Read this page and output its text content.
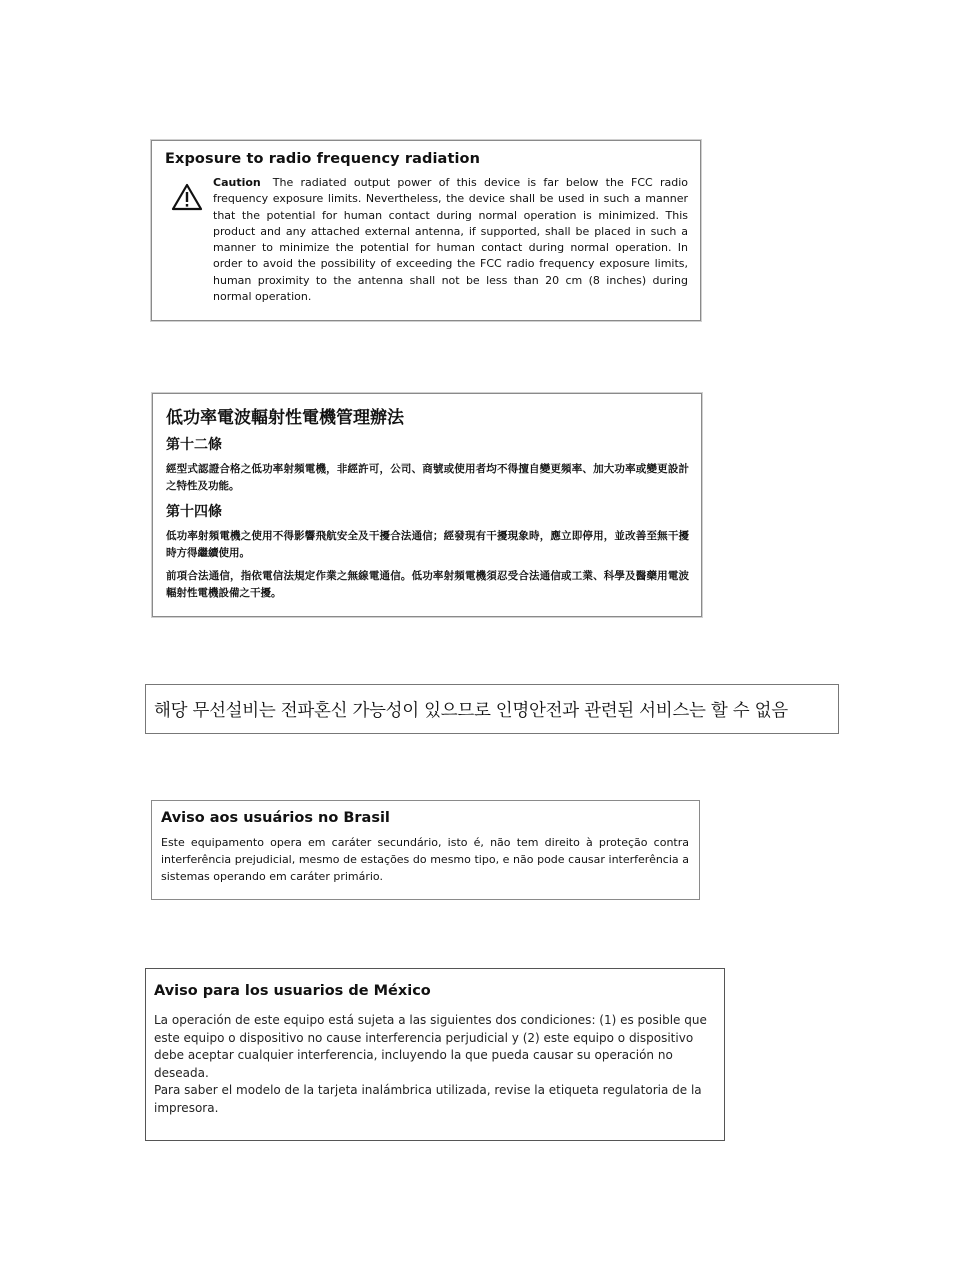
Exposure to radio frequency radiation
Caution The radiated output power of this device is far below the FCC radio frequency exposure limits. Nevertheless, the device shall be used in such a manner that the potential for human contact during normal operation is minimized. This product and any attached external antenna, if supported, shall be placed in such a manner to minimize the potential for human contact during normal operation. In order to avoid the possibility of exceeding the FCC radio frequency exposure limits, human proximity to the antenna shall not be less than 20 cm (8 inches) during normal operation.
低功率電波輻射性電機管理辦法
第十二條
經型式認證合格之低功率射頻電機，非經許可，公司、商號或使用者均不得擅自變更頻率、加大功率或變更設計之特性及功能。
第十四條
低功率射頻電機之使用不得影響飛航安全及干擾合法通信；經發現有干擾現象時，應立即停用，並改善至無干擾時方得繼續使用。
前項合法通信，指依電信法規定作業之無線電通信。低功率射頻電機須忍受合法通信或工業、科學及醫藥用電波輻射性電機設備之干擾。
해당 무선설비는 전파혼신 가능성이 있으므로 인명안전과 관련된 서비스는 할 수 없음
Aviso aos usuários no Brasil
Este equipamento opera em caráter secundário, isto é, não tem direito à proteção contra interferência prejudicial, mesmo de estações do mesmo tipo, e não pode causar interferência a sistemas operando em caráter primário.
Aviso para los usuarios de México

La operación de este equipo está sujeta a las siguientes dos condiciones: (1) es posible que este equipo o dispositivo no cause interferencia perjudicial y (2) este equipo o dispositivo debe aceptar cualquier interferencia, incluyendo la que pueda causar su operación no deseada.

Para saber el modelo de la tarjeta inalámbrica utilizada, revise la etiqueta regulatoria de la impresora.
